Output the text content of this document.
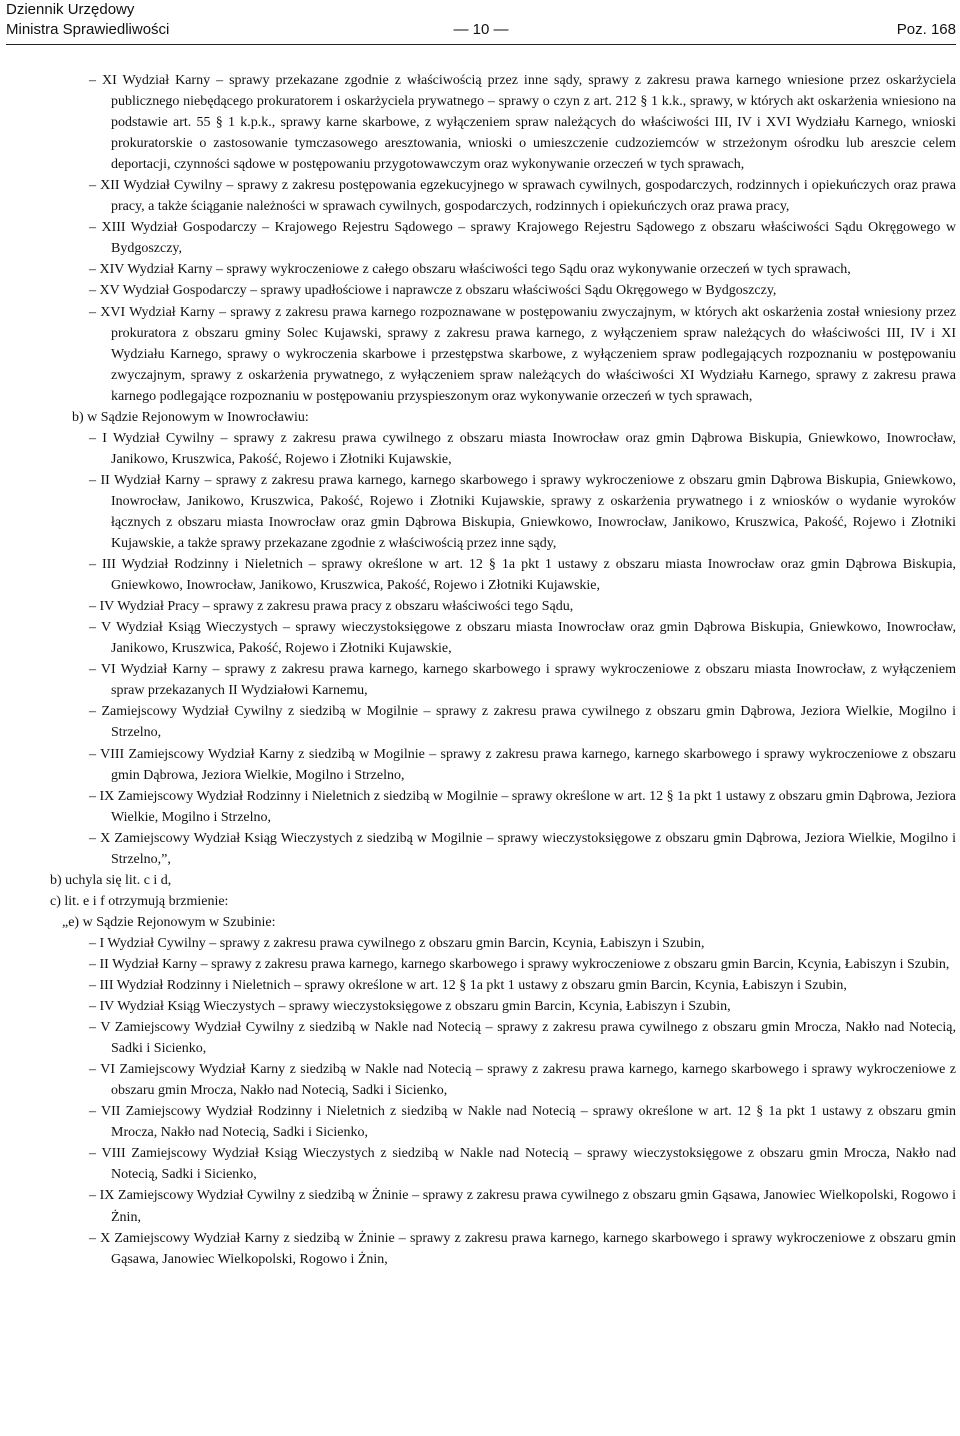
Dziennik Urzędowy
Ministra Sprawiedliwości	— 10 —	Poz. 168

– XI Wydział Karny – sprawy przekazane zgodnie z właściwością przez inne sądy, sprawy z zakresu prawa karnego wniesione przez oskarżyciela publicznego niebędącego prokuratorem i oskarżyciela prywatnego – sprawy o czyn z art. 212 § 1 k.k., sprawy, w których akt oskarżenia wniesiono na podstawie art. 55 § 1 k.p.k., sprawy karne skarbowe, z wyłączeniem spraw należących do właściwości III, IV i XVI Wydziału Karnego, wnioski prokuratorskie o zastosowanie tymczasowego aresztowania, wnioski o umieszczenie cudzoziemców w strzeżonym ośrodku lub areszcie celem deportacji, czynności sądowe w postępowaniu przygotowawczym oraz wykonywanie orzeczeń w tych sprawach,

– XII Wydział Cywilny – sprawy z zakresu postępowania egzekucyjnego w sprawach cywilnych, gospodarczych, rodzinnych i opiekuńczych oraz prawa pracy, a także ściąganie należności w sprawach cywilnych, gospodarczych, rodzinnych i opiekuńczych oraz prawa pracy,

– XIII Wydział Gospodarczy – Krajowego Rejestru Sądowego – sprawy Krajowego Rejestru Sądowego z obszaru właściwości Sądu Okręgowego w Bydgoszczy,

– XIV Wydział Karny – sprawy wykroczeniowe z całego obszaru właściwości tego Sądu oraz wykonywanie orzeczeń w tych sprawach,

– XV Wydział Gospodarczy – sprawy upadłościowe i naprawcze z obszaru właściwości Sądu Okręgowego w Bydgoszczy,

– XVI Wydział Karny – sprawy z zakresu prawa karnego rozpoznawane w postępowaniu zwyczajnym, w których akt oskarżenia został wniesiony przez prokuratora z obszaru gminy Solec Kujawski, sprawy z zakresu prawa karnego, z wyłączeniem spraw należących do właściwości III, IV i XI Wydziału Karnego, sprawy o wykroczenia skarbowe i przestępstwa skarbowe, z wyłączeniem spraw podlegających rozpoznaniu w postępowaniu zwyczajnym, sprawy z oskarżenia prywatnego, z wyłączeniem spraw należących do właściwości XI Wydziału Karnego, sprawy z zakresu prawa karnego podlegające rozpoznaniu w postępowaniu przyspieszonym oraz wykonywanie orzeczeń w tych sprawach,

b) w Sądzie Rejonowym w Inowrocławiu:

– I Wydział Cywilny – sprawy z zakresu prawa cywilnego z obszaru miasta Inowrocław oraz gmin Dąbrowa Biskupia, Gniewkowo, Inowrocław, Janikowo, Kruszwica, Pakość, Rojewo i Złotniki Kujawskie,

– II Wydział Karny – sprawy z zakresu prawa karnego, karnego skarbowego i sprawy wykroczeniowe z obszaru gmin Dąbrowa Biskupia, Gniewkowo, Inowrocław, Janikowo, Kruszwica, Pakość, Rojewo i Złotniki Kujawskie, sprawy z oskarżenia prywatnego i z wniosków o wydanie wyroków łącznych z obszaru miasta Inowrocław oraz gmin Dąbrowa Biskupia, Gniewkowo, Inowrocław, Janikowo, Kruszwica, Pakość, Rojewo i Złotniki Kujawskie, a także sprawy przekazane zgodnie z właściwością przez inne sądy,

– III Wydział Rodzinny i Nieletnich – sprawy określone w art. 12 § 1a pkt 1 ustawy z obszaru miasta Inowrocław oraz gmin Dąbrowa Biskupia, Gniewkowo, Inowrocław, Janikowo, Kruszwica, Pakość, Rojewo i Złotniki Kujawskie,

– IV Wydział Pracy – sprawy z zakresu prawa pracy z obszaru właściwości tego Sądu,

– V Wydział Ksiąg Wieczystych – sprawy wieczystoksięgowe z obszaru miasta Inowrocław oraz gmin Dąbrowa Biskupia, Gniewkowo, Inowrocław, Janikowo, Kruszwica, Pakość, Rojewo i Złotniki Kujawskie,

– VI Wydział Karny – sprawy z zakresu prawa karnego, karnego skarbowego i sprawy wykroczeniowe z obszaru miasta Inowrocław, z wyłączeniem spraw przekazanych II Wydziałowi Karnemu,

– Zamiejscowy Wydział Cywilny z siedzibą w Mogilnie – sprawy z zakresu prawa cywilnego z obszaru gmin Dąbrowa, Jeziora Wielkie, Mogilno i Strzelno,

– VIII Zamiejscowy Wydział Karny z siedzibą w Mogilnie – sprawy z zakresu prawa karnego, karnego skarbowego i sprawy wykroczeniowe z obszaru gmin Dąbrowa, Jeziora Wielkie, Mogilno i Strzelno,

– IX Zamiejscowy Wydział Rodzinny i Nieletnich z siedzibą w Mogilnie – sprawy określone w art. 12 § 1a pkt 1 ustawy z obszaru gmin Dąbrowa, Jeziora Wielkie, Mogilno i Strzelno,

– X Zamiejscowy Wydział Ksiąg Wieczystych z siedzibą w Mogilnie – sprawy wieczystoksięgowe z obszaru gmin Dąbrowa, Jeziora Wielkie, Mogilno i Strzelno,”,

b) uchyla się lit. c i d,

c) lit. e i f otrzymują brzmienie:

„e) w Sądzie Rejonowym w Szubinie:

– I Wydział Cywilny – sprawy z zakresu prawa cywilnego z obszaru gmin Barcin, Kcynia, Łabiszyn i Szubin,

– II Wydział Karny – sprawy z zakresu prawa karnego, karnego skarbowego i sprawy wykroczeniowe z obszaru gmin Barcin, Kcynia, Łabiszyn i Szubin,

– III Wydział Rodzinny i Nieletnich – sprawy określone w art. 12 § 1a pkt 1 ustawy z obszaru gmin Barcin, Kcynia, Łabiszyn i Szubin,

– IV Wydział Ksiąg Wieczystych – sprawy wieczystoksięgowe z obszaru gmin Barcin, Kcynia, Łabiszyn i Szubin,

– V Zamiejscowy Wydział Cywilny z siedzibą w Nakle nad Notecią – sprawy z zakresu prawa cywilnego z obszaru gmin Mrocza, Nakło nad Notecią, Sadki i Sicienko,

– VI Zamiejscowy Wydział Karny z siedzibą w Nakle nad Notecią – sprawy z zakresu prawa karnego, karnego skarbowego i sprawy wykroczeniowe z obszaru gmin Mrocza, Nakło nad Notecią, Sadki i Sicienko,

– VII Zamiejscowy Wydział Rodzinny i Nieletnich z siedzibą w Nakle nad Notecią – sprawy określone w art. 12 § 1a pkt 1 ustawy z obszaru gmin Mrocza, Nakło nad Notecią, Sadki i Sicienko,

– VIII Zamiejscowy Wydział Ksiąg Wieczystych z siedzibą w Nakle nad Notecią – sprawy wieczystoksięgowe z obszaru gmin Mrocza, Nakło nad Notecią, Sadki i Sicienko,

– IX Zamiejscowy Wydział Cywilny z siedzibą w Żninie – sprawy z zakresu prawa cywilnego z obszaru gmin Gąsawa, Janowiec Wielkopolski, Rogowo i Żnin,

– X Zamiejscowy Wydział Karny z siedzibą w Żninie – sprawy z zakresu prawa karnego, karnego skarbowego i sprawy wykroczeniowe z obszaru gmin Gąsawa, Janowiec Wielkopolski, Rogowo i Żnin,
